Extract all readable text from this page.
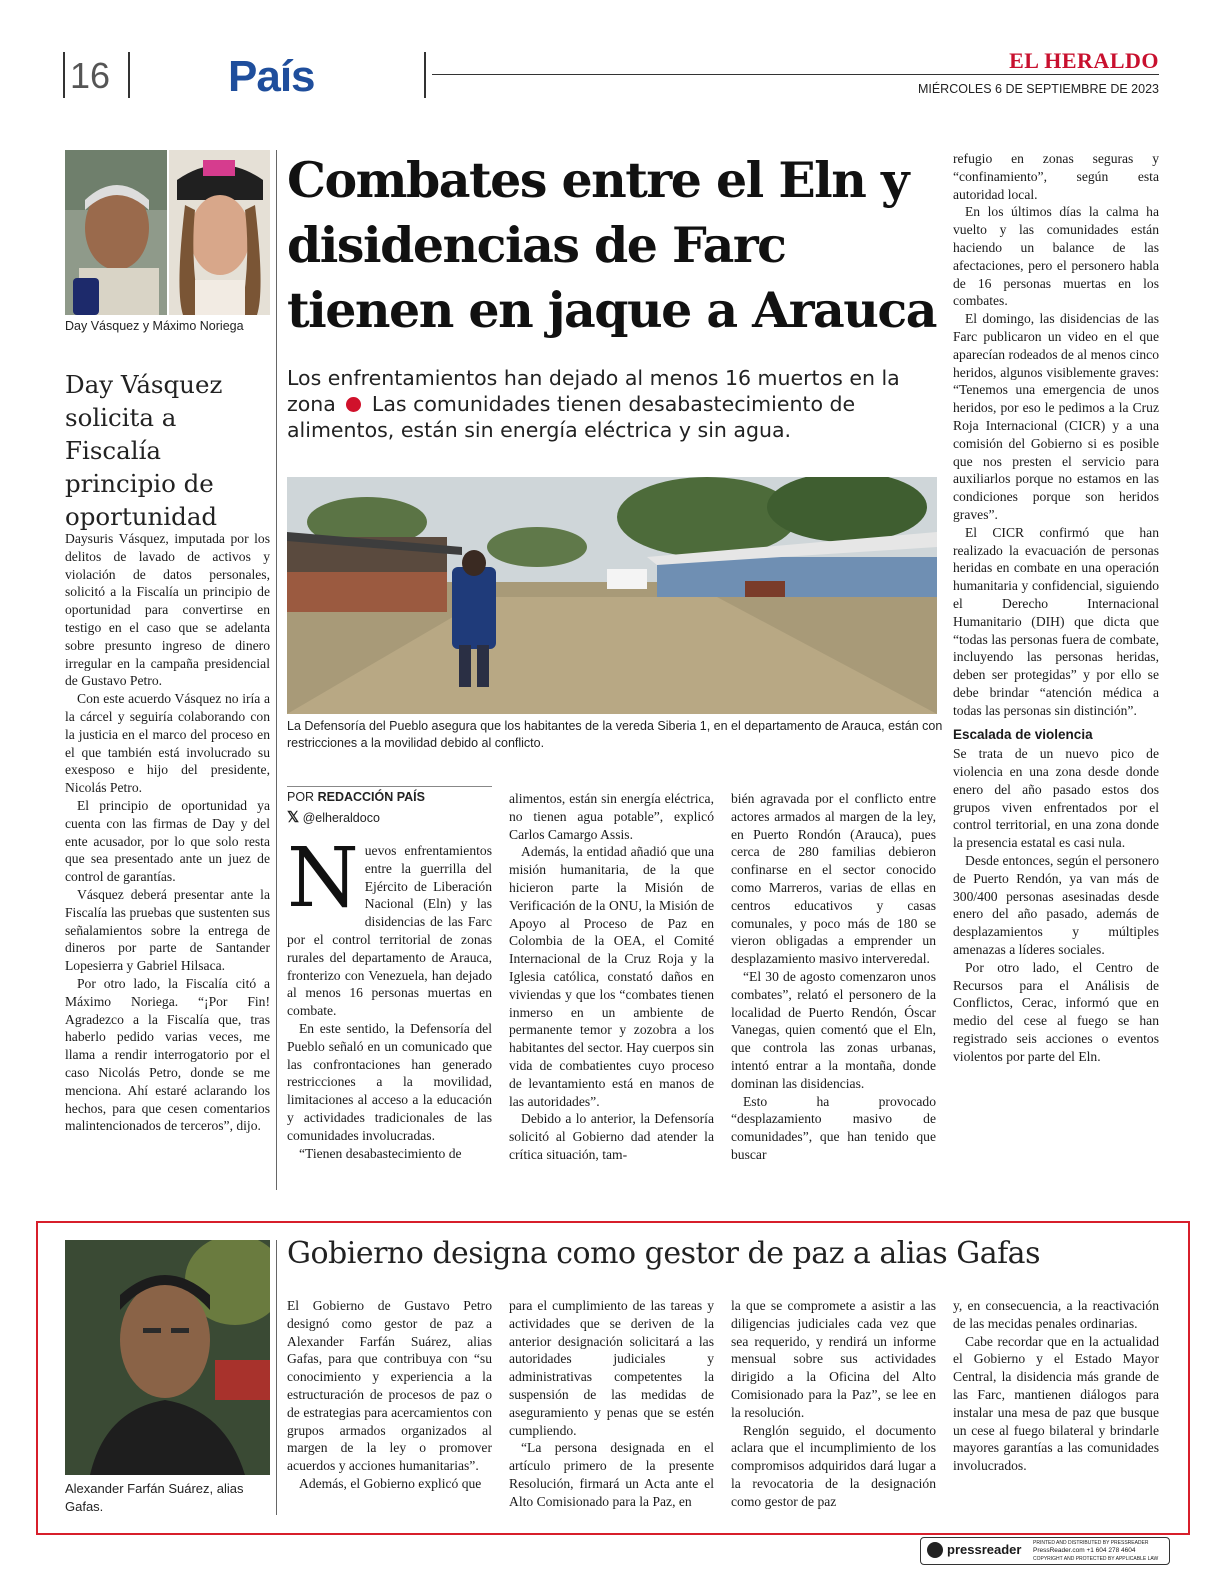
16	País	EL HERALDO
MIÉRCOLES 6 DE SEPTIEMBRE DE 2023
Day Vásquez y Máximo Noriega
Day Vásquez solicita a Fiscalía principio de oportunidad

Daysuris Vásquez, imputada por los delitos de lavado de activos y violación de datos personales, solicitó a la Fiscalía un principio de oportunidad para convertirse en testigo en el caso que se adelanta sobre presunto ingreso de dinero irregular en la campaña presidencial de Gustavo Petro.

Con este acuerdo Vásquez no iría a la cárcel y seguiría colaborando con la justicia en el marco del proceso en el que también está involucrado su exesposo e hijo del presidente, Nicolás Petro.

El principio de oportunidad ya cuenta con las firmas de Day y del ente acusador, por lo que solo resta que sea presentado ante un juez de control de garantías.

Vásquez deberá presentar ante la Fiscalía las pruebas que sustenten sus señalamientos sobre la entrega de dineros por parte de Santander Lopesierra y Gabriel Hilsaca.

Por otro lado, la Fiscalía citó a Máximo Noriega. “¡Por Fin! Agradezco a la Fiscalía que, tras haberlo pedido varias veces, me llama a rendir interrogatorio por el caso Nicolás Petro, donde se me menciona. Ahí estaré aclarando los hechos, para que cesen comentarios malintencionados de terceros”, dijo.

Combates entre el Eln y disidencias de Farc tienen en jaque a Arauca
Los enfrentamientos han dejado al menos 16 muertos en la zona Las comunidades tienen desabastecimiento de alimentos, están sin energía eléctrica y sin agua.
La Defensoría del Pueblo asegura que los habitantes de la vereda Siberia 1, en el departamento de Arauca, están con restricciones a la movilidad debido al conflicto.
POR REDACCIÓN PAÍS
𝕏 @elheraldoco

Nuevos enfrentamientos entre la guerrilla del Ejército de Liberación Nacional (Eln) y las disidencias de las Farc por el control territorial de zonas rurales del departamento de Arauca, fronterizo con Venezuela, han dejado al menos 16 personas muertas en combate.

En este sentido, la Defensoría del Pueblo señaló en un comunicado que las confrontaciones han generado restricciones a la movilidad, limitaciones al acceso a la educación y actividades tradicionales de las comunidades involucradas.

“Tienen desabastecimiento de

alimentos, están sin energía eléctrica, no tienen agua potable”, explicó Carlos Camargo Assis.

Además, la entidad añadió que una misión humanitaria, de la que hicieron parte la Misión de Verificación de la ONU, la Misión de Apoyo al Proceso de Paz en Colombia de la OEA, el Comité Internacional de la Cruz Roja y la Iglesia católica, constató daños en viviendas y que los “combates tienen inmerso en un ambiente de permanente temor y zozobra a los habitantes del sector. Hay cuerpos sin vida de combatientes cuyo proceso de levantamiento está en manos de las autoridades”.

Debido a lo anterior, la Defensoría solicitó al Gobierno dad atender la crítica situación, tam-

bién agravada por el conflicto entre actores armados al margen de la ley, en Puerto Rondón (Arauca), pues cerca de 280 familias debieron confinarse en el sector conocido como Marreros, varias de ellas en centros educativos y casas comunales, y poco más de 180 se vieron obligadas a emprender un desplazamiento masivo interveredal.

“El 30 de agosto comenzaron unos combates”, relató el personero de la localidad de Puerto Rendón, Óscar Vanegas, quien comentó que el Eln, que controla las zonas urbanas, intentó entrar a la montaña, donde dominan las disidencias.

Esto ha provocado “desplazamiento masivo de comunidades”, que han tenido que buscar

refugio en zonas seguras y “confinamiento”, según esta autoridad local.

En los últimos días la calma ha vuelto y las comunidades están haciendo un balance de las afectaciones, pero el personero habla de 16 personas muertas en los combates.

El domingo, las disidencias de las Farc publicaron un video en el que aparecían rodeados de al menos cinco heridos, algunos visiblemente graves: “Tenemos una emergencia de unos heridos, por eso le pedimos a la Cruz Roja Internacional (CICR) y a una comisión del Gobierno si es posible que nos presten el servicio para auxiliarlos porque no estamos en las condiciones porque son heridos graves”.

El CICR confirmó que han realizado la evacuación de personas heridas en combate en una operación humanitaria y confidencial, siguiendo el Derecho Internacional Humanitario (DIH) que dicta que “todas las personas fuera de combate, incluyendo las personas heridas, deben ser protegidas” y por ello se debe brindar “atención médica a todas las personas sin distinción”.

Escalada de violencia

Se trata de un nuevo pico de violencia en una zona desde donde enero del año pasado estos dos grupos viven enfrentados por el control territorial, en una zona donde la presencia estatal es casi nula.

Desde entonces, según el personero de Puerto Rendón, ya van más de 300/400 personas asesinadas desde enero del año pasado, además de desplazamientos y múltiples amenazas a líderes sociales.

Por otro lado, el Centro de Recursos para el Análisis de Conflictos, Cerac, informó que en medio del cese al fuego se han registrado seis acciones o eventos violentos por parte del Eln.

Alexander Farfán Suárez, alias Gafas.
Gobierno designa como gestor de paz a alias Gafas

El Gobierno de Gustavo Petro designó como gestor de paz a Alexander Farfán Suárez, alias Gafas, para que contribuya con “su conocimiento y experiencia a la estructuración de procesos de paz o de estrategias para acercamientos con grupos armados organizados al margen de la ley o promover acuerdos y acciones humanitarias”.

Además, el Gobierno explicó que

para el cumplimiento de las tareas y actividades que se deriven de la anterior designación solicitará a las autoridades judiciales y administrativas competentes la suspensión de las medidas de aseguramiento y penas que se estén cumpliendo.

“La persona designada en el artículo primero de la presente Resolución, firmará un Acta ante el Alto Comisionado para la Paz, en

la que se compromete a asistir a las diligencias judiciales cada vez que sea requerido, y rendirá un informe mensual sobre sus actividades dirigido a la Oficina del Alto Comisionado para la Paz”, se lee en la resolución.

Renglón seguido, el documento aclara que el incumplimiento de los compromisos adquiridos dará lugar a la revocatoria de la designación como gestor de paz

y, en consecuencia, a la reactivación de las mecidas penales ordinarias.

Cabe recordar que en la actualidad el Gobierno y el Estado Mayor Central, la disidencia más grande de las Farc, mantienen diálogos para instalar una mesa de paz que busque un cese al fuego bilateral y brindarle mayores garantías a las comunidades involucrados.

pressreader PRINTED AND DISTRIBUTED BY PRESSREADER
PressReader.com +1 604 278 4604
COPYRIGHT AND PROTECTED BY APPLICABLE LAW
